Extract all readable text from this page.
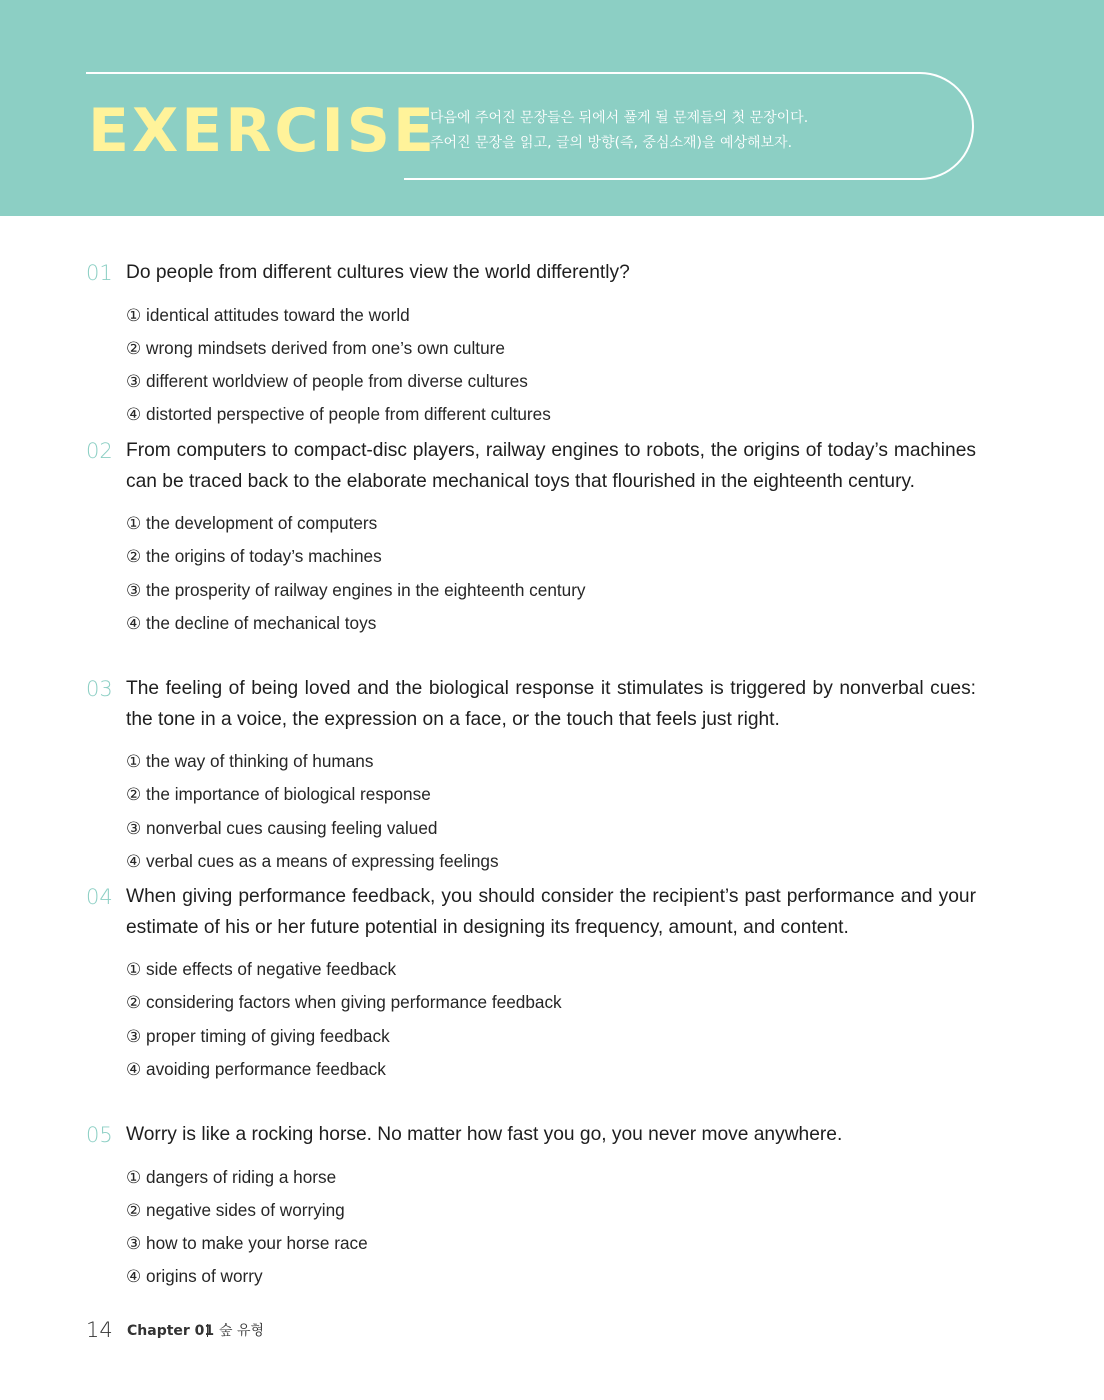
EXERCISE
다음에 주어진 문장들은 뒤에서 풀게 될 문제들의 첫 문장이다.
주어진 문장을 읽고, 글의 방향(즉, 중심소재)을 예상해보자.
01 Do people from different cultures view the world differently?
① identical attitudes toward the world
② wrong mindsets derived from one’s own culture
③ different worldview of people from diverse cultures
④ distorted perspective of people from different cultures
02 From computers to compact-disc players, railway engines to robots, the origins of today’s machines can be traced back to the elaborate mechanical toys that flourished in the eighteenth century.
① the development of computers
② the origins of today’s machines
③ the prosperity of railway engines in the eighteenth century
④ the decline of mechanical toys
03 The feeling of being loved and the biological response it stimulates is triggered by nonverbal cues: the tone in a voice, the expression on a face, or the touch that feels just right.
① the way of thinking of humans
② the importance of biological response
③ nonverbal cues causing feeling valued
④ verbal cues as a means of expressing feelings
04 When giving performance feedback, you should consider the recipient’s past performance and your estimate of his or her future potential in designing its frequency, amount, and content.
① side effects of negative feedback
② considering factors when giving performance feedback
③ proper timing of giving feedback
④ avoiding performance feedback
05 Worry is like a rocking horse. No matter how fast you go, you never move anywhere.
① dangers of riding a horse
② negative sides of worrying
③ how to make your horse race
④ origins of worry
14 Chapter 01 숲 유형
